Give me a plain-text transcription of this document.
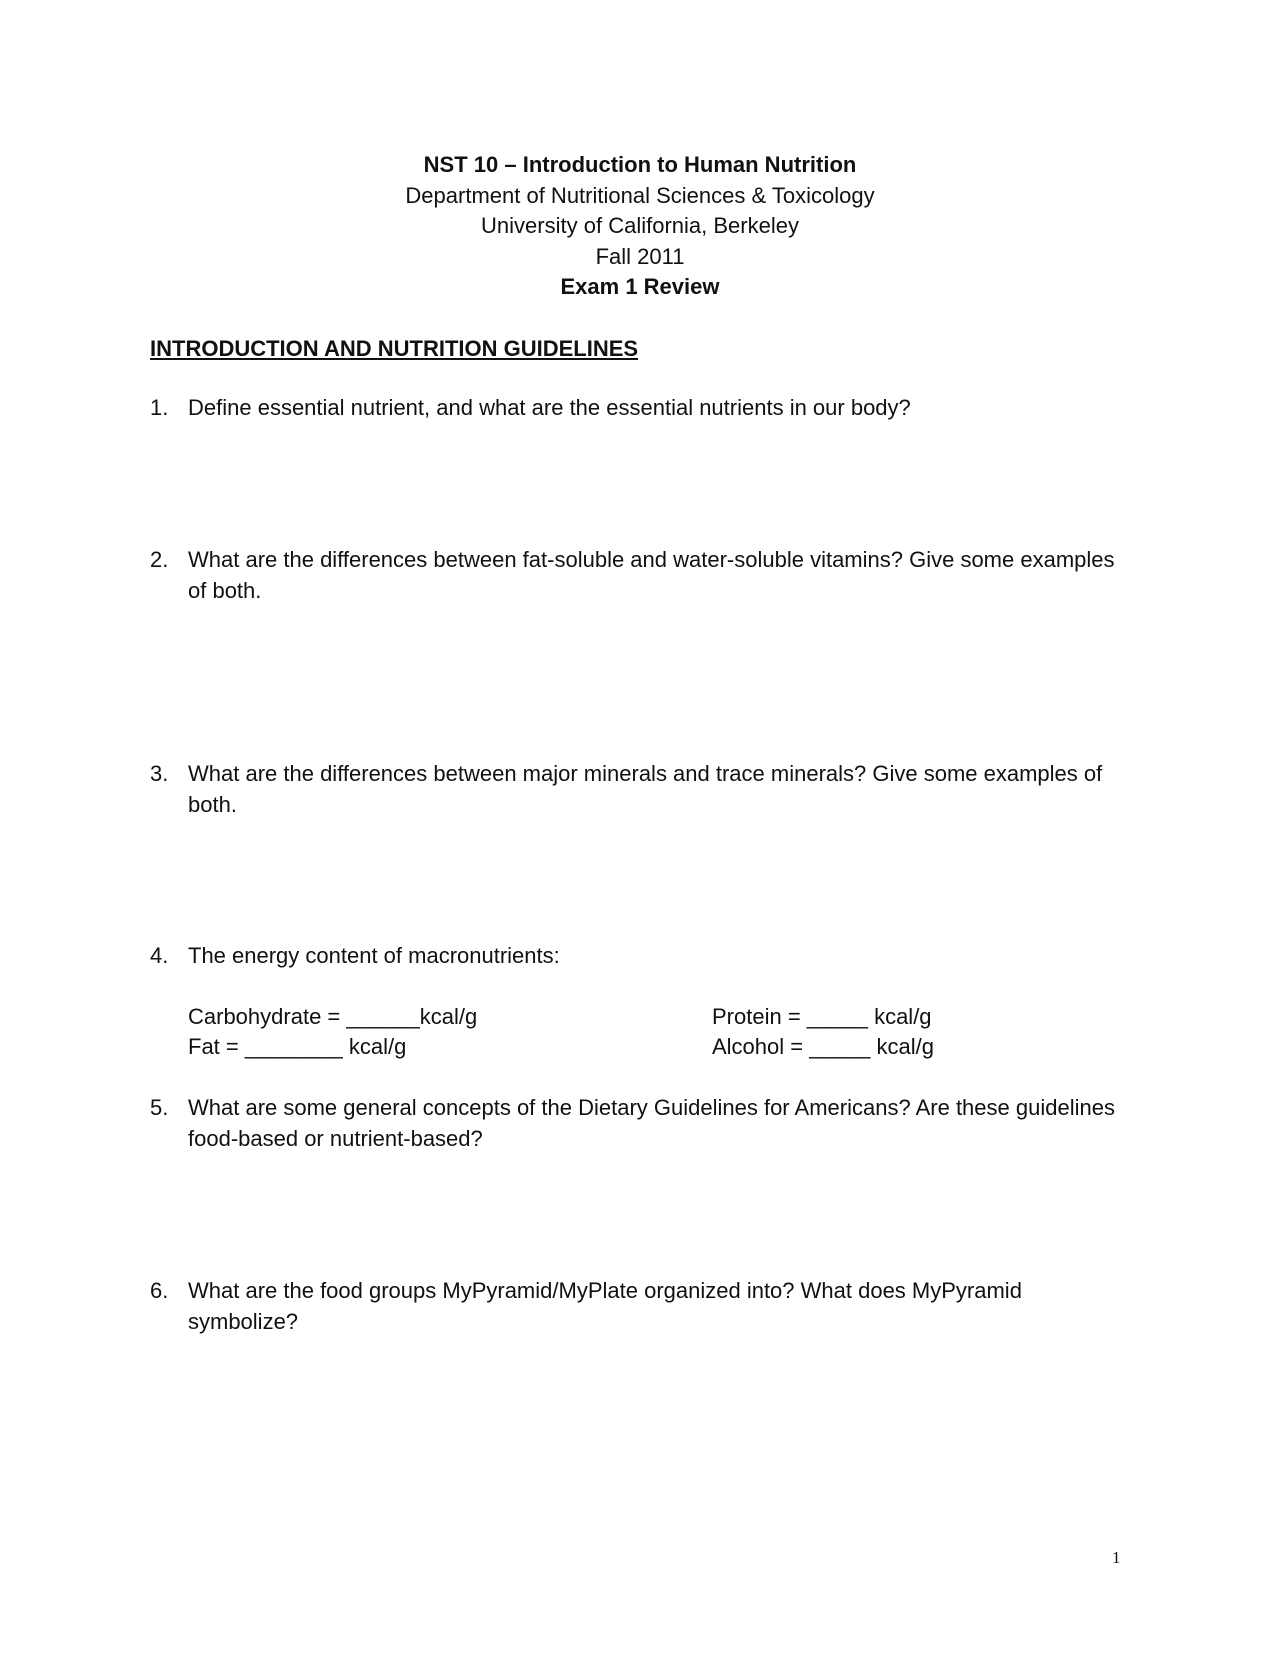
NST 10 – Introduction to Human Nutrition
Department of Nutritional Sciences & Toxicology
University of California, Berkeley
Fall 2011
Exam 1 Review
INTRODUCTION AND NUTRITION GUIDELINES
1. Define essential nutrient, and what are the essential nutrients in our body?
2. What are the differences between fat-soluble and water-soluble vitamins? Give some examples of both.
3. What are the differences between major minerals and trace minerals? Give some examples of both.
4. The energy content of macronutrients:
Carbohydrate = ______kcal/g
Fat = ________ kcal/g
Protein = _____ kcal/g
Alcohol = _____ kcal/g
5. What are some general concepts of the Dietary Guidelines for Americans? Are these guidelines food-based or nutrient-based?
6. What are the food groups MyPyramid/MyPlate organized into? What does MyPyramid symbolize?
1
